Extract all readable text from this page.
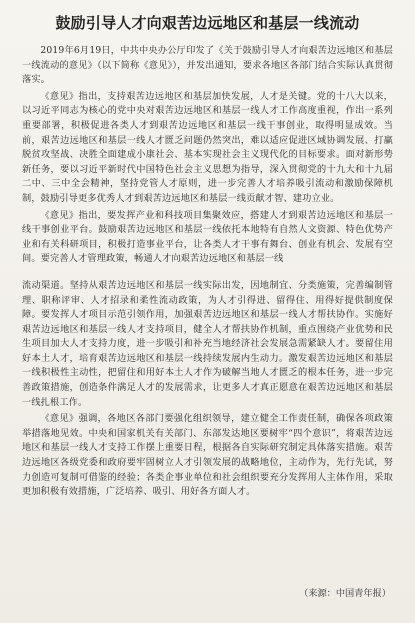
鼓励引导人才向艰苦边远地区和基层一线流动

2019年6月19日，中共中央办公厅印发了《关于鼓励引导人才向艰苦边远地区和基层一线流动的意见》（以下简称《意见》），并发出通知，要求各地区各部门结合实际认真贯彻落实。

《意见》指出，支持艰苦边远地区和基层加快发展，人才是关键。党的十八大以来，以习近平同志为核心的党中央对艰苦边远地区和基层一线人才工作高度重视，作出一系列重要部署，积极促进各类人才到艰苦边远地区和基层一线干事创业，取得明显成效。当前，艰苦边远地区和基层一线人才匮乏问题仍然突出，难以适应促进区域协调发展、打赢脱贫攻坚战、决胜全面建成小康社会、基本实现社会主义现代化的目标要求。面对新形势新任务，要以习近平新时代中国特色社会主义思想为指导，深入贯彻党的十九大和十九届二中、三中全会精神，坚持党管人才原则，进一步完善人才培养吸引流动和激励保障机制，鼓励引导更多优秀人才到艰苦边远地区和基层一线贡献才智、建功立业。

《意见》指出，要发挥产业和科技项目集聚效应，搭建人才到艰苦边远地区和基层一线干事创业平台。鼓励艰苦边远地区和基层一线依托本地特有自然人文资源、特色优势产业和有关科研项目，积极打造事业平台，让各类人才干事有舞台、创业有机会、发展有空间。要完善人才管理政策，畅通人才向艰苦边远地区和基层一线

流动渠道。坚持从艰苦边远地区和基层一线实际出发，因地制宜、分类施策，完善编制管理、职称评审、人才招录和柔性流动政策，为人才引得进、留得住、用得好提供制度保障。要发挥人才项目示范引领作用，加强艰苦边远地区和基层一线人才帮扶协作。实施好艰苦边远地区和基层一线人才支持项目，健全人才帮扶协作机制，重点围绕产业优势和民生项目加大人才支持力度，进一步吸引和补充当地经济社会发展急需紧缺人才。要留住用好本土人才，培育艰苦边远地区和基层一线持续发展内生动力。激发艰苦边远地区和基层一线积极性主动性，把留住和用好本土人才作为破解当地人才匮乏的根本任务，进一步完善政策措施，创造条件满足人才的发展需求，让更多人才真正愿意在艰苦边远地区和基层一线扎根工作。

《意见》强调，各地区各部门要强化组织领导，建立健全工作责任制，确保各项政策举措落地见效。中央和国家机关有关部门、东部发达地区要树牢“四个意识”，将艰苦边远地区和基层一线人才支持工作摆上重要日程，根据各自实际研究制定具体落实措施。艰苦边远地区各级党委和政府要牢固树立人才引领发展的战略地位，主动作为，先行先试，努力创造可复制可借鉴的经验；各类企事业单位和社会组织要充分发挥用人主体作用，采取更加积极有效措施，广泛培养、吸引、用好各方面人才。

（来源：中国青年报）
